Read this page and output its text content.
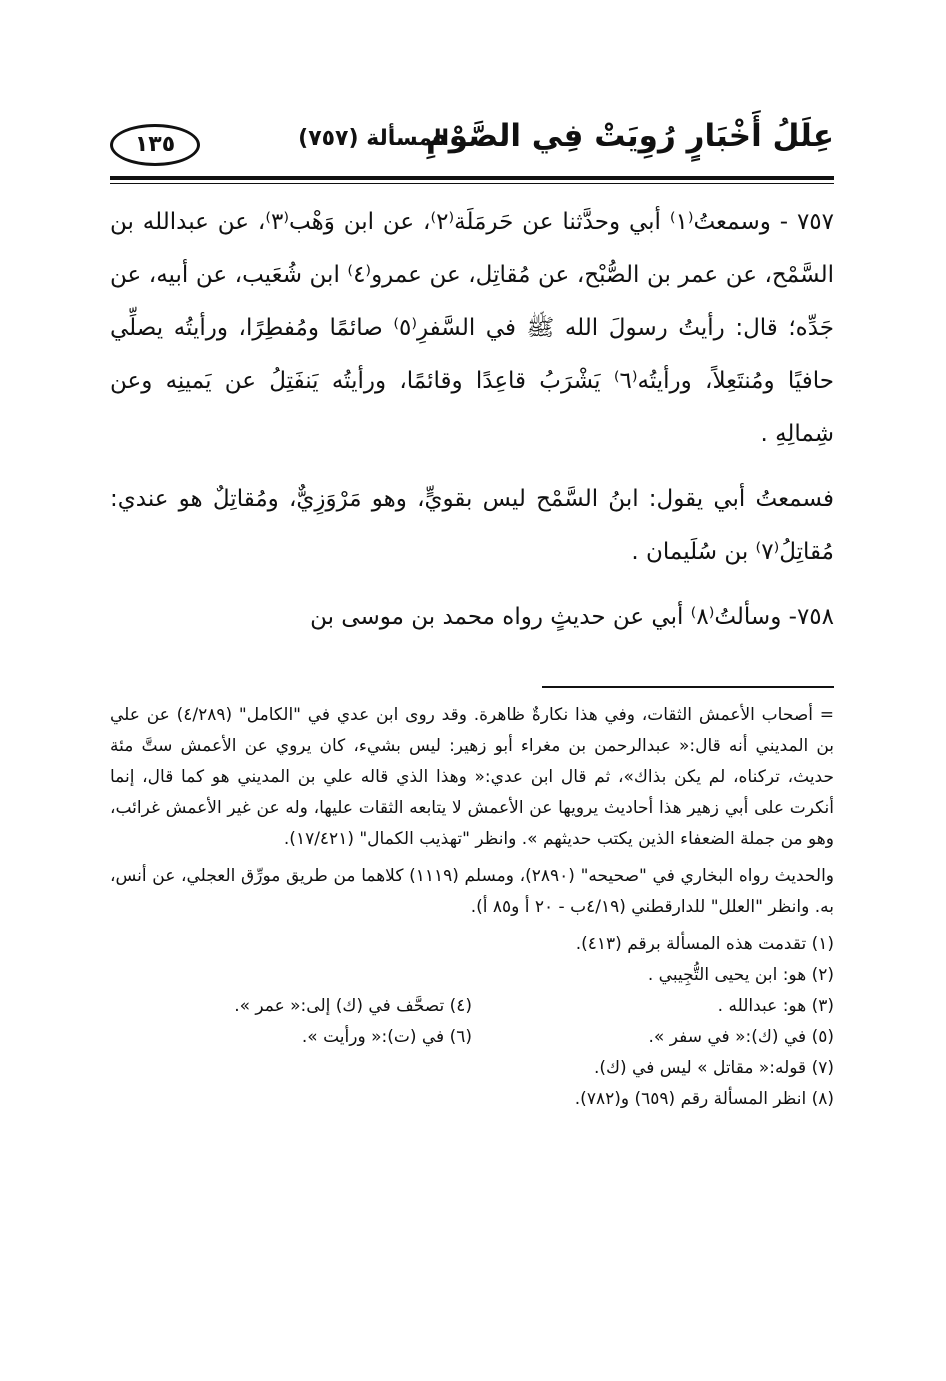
عِلَلُ أَخْبَارٍ رُوِيَتْ فِي الصَّوْمِ
المسألة (٧٥٧)
١٣٥

٧٥٧ - وسمعتُ⁽١⁾ أبي وحدَّثنا عن حَرمَلَة⁽٢⁾، عن ابن وَهْب⁽٣⁾، عن عبدالله بن السَّمْح، عن عمر بن الصُّبْح، عن مُقاتِل، عن عمرو⁽٤⁾ ابن شُعَيب، عن أبيه، عن جَدِّه؛ قال: رأيتُ رسولَ الله ﷺ في السَّفرِ⁽٥⁾ صائمًا ومُفطِرًا، ورأيتُه يصلِّي حافيًا ومُنتَعِلاً، ورأيتُه⁽٦⁾ يَشْرَبُ قاعِدًا وقائمًا، ورأيتُه يَنفَتِلُ عن يَمينِه وعن شِمالِهِ .

فسمعتُ أبي يقول: ابنُ السَّمْح ليس بقويٍّ، وهو مَرْوَزِيٌّ، ومُقاتِلٌ هو عندي: مُقاتِلُ⁽٧⁾ بن سُلَيمان .

٧٥٨- وسألتُ⁽٨⁾ أبي عن حديثٍ رواه محمد بن موسى بن

= أصحاب الأعمش الثقات، وفي هذا نكارةٌ ظاهرة. وقد روى ابن عدي في "الكامل" (٤/٢٨٩) عن علي بن المديني أنه قال:« عبدالرحمن بن مغراء أبو زهير: ليس بشيء، كان يروي عن الأعمش ستَّ مئة حديث، تركناه، لم يكن بذاك»، ثم قال ابن عدي:« وهذا الذي قاله علي بن المديني هو كما قال، إنما أنكرت على أبي زهير هذا أحاديث يرويها عن الأعمش لا يتابعه الثقات عليها، وله عن غير الأعمش غرائب، وهو من جملة الضعفاء الذين يكتب حديثهم ». وانظر "تهذيب الكمال" (١٧/٤٢١).

والحديث رواه البخاري في "صحيحه" (٢٨٩٠)، ومسلم (١١١٩) كلاهما من طريق مورِّق العجلي، عن أنس، به. وانظر "العلل" للدارقطني (٤/١٩ب - ٢٠ أ و٨٥ أ).

(١) تقدمت هذه المسألة برقم (٤١٣).
(٢) هو: ابن يحيى التُّجِيبي .
(٣) هو: عبدالله .
(٤) تصحَّف في (ك) إلى:« عمر ».
(٥) في (ك):« في سفر ».
(٦) في (ت):« ورأيت ».
(٧) قوله:« مقاتل » ليس في (ك).
(٨) انظر المسألة رقم (٦٥٩) و(٧٨٢).
